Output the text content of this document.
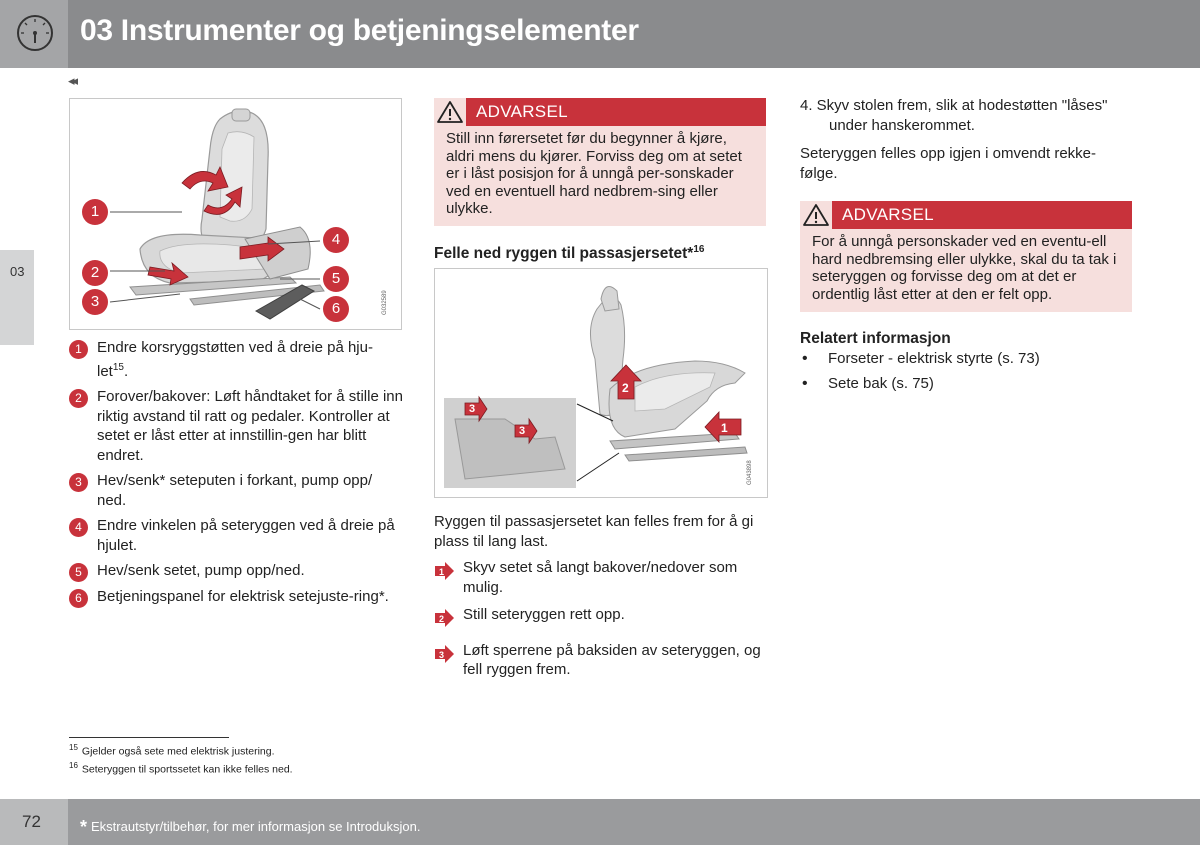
03 Instrumenter og betjeningselementer
◂◂
03
1
2
3
4
5
6	G032589
1	Endre korsryggstøtten ved å dreie på hju-let$^{15}$.
2	Forover/bakover: Løft håndtaket for å stille inn riktig avstand til ratt og pedaler. Kontroller at setet er låst etter at innstillin-gen har blitt endret.
3	Hev/senk* seteputen i forkant, pump opp/ ned.
4	Endre vinkelen på seteryggen ved å dreie på hjulet.
5	Hev/senk setet, pump opp/ned.
6	Betjeningspanel for elektrisk setejuste-ring*.
ADVARSEL
Still inn førersetet før du begynner å kjøre, aldri mens du kjører. Forviss deg om at setet er i låst posisjon for å unngå per-sonskader ved en eventuell hard nedbrem-sing eller ulykke.
Felle ned ryggen til passasjersetet*$^{16}$
1
2
3
3
G043898
Ryggen til passasjersetet kan felles frem for å gi plass til lang last.
1 Skyv setet så langt bakover/nedover som mulig.
2 Still seteryggen rett opp.
3 Løft sperrene på baksiden av seteryggen, og fell ryggen frem.
4. Skyv stolen frem, slik at hodestøtten "låses" under hanskerommet.
Seteryggen felles opp igjen i omvendt rekke-følge.
ADVARSEL
For å unngå personskader ved en eventu-ell hard nedbremsing eller ulykke, skal du ta tak i seteryggen og forvisse deg om at det er ordentlig låst etter at den er felt opp.
Relatert informasjon
• Forseter - elektrisk styrte (s. 73)
• Sete bak (s. 75)
$^{15}$ Gjelder også sete med elektrisk justering.
$^{16}$ Seteryggen til sportssetet kan ikke felles ned.
72 * Ekstrautstyr/tilbehør, for mer informasjon se Introduksjon.
